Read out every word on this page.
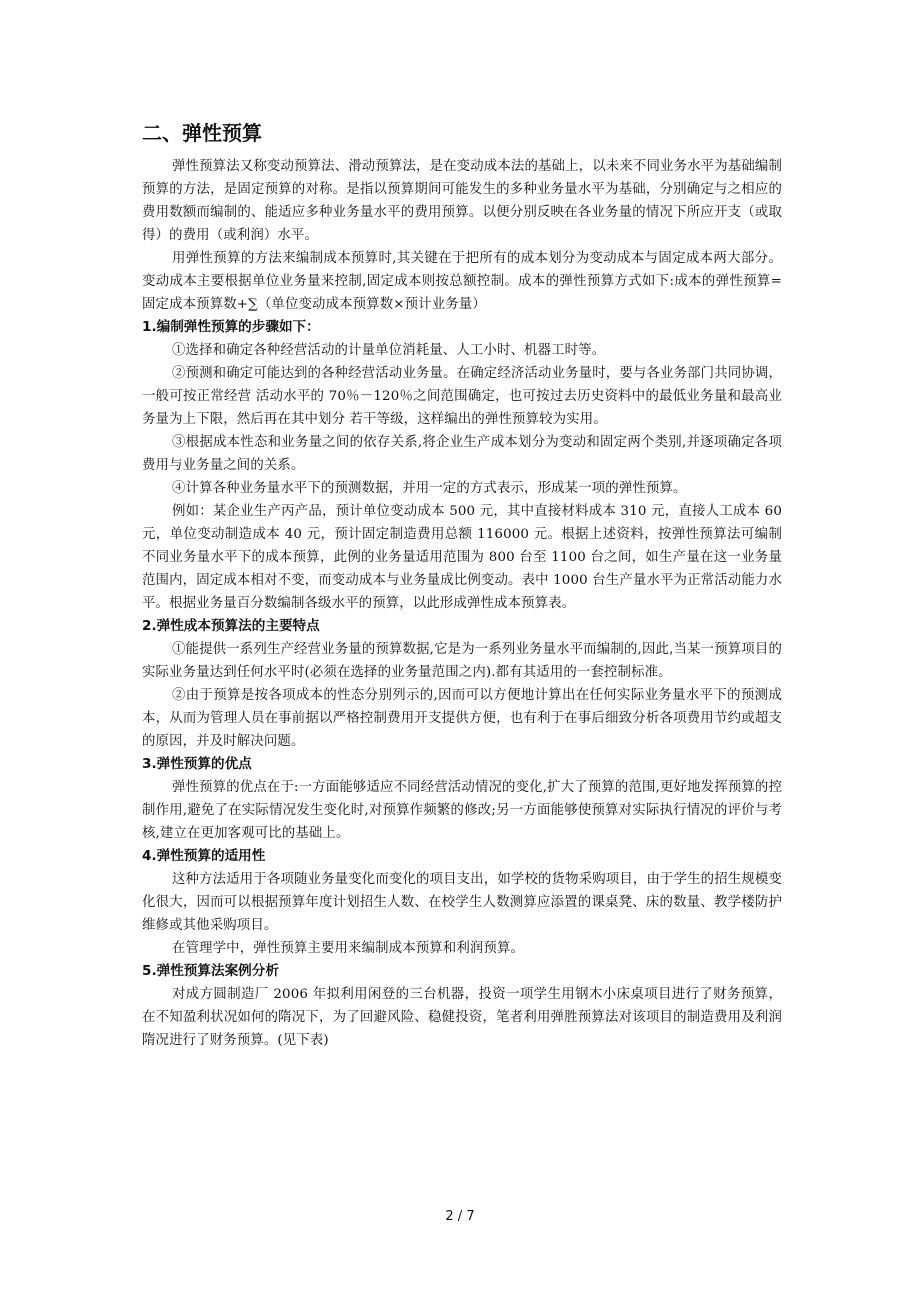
二、弹性预算

弹性预算法又称变动预算法、滑动预算法，是在变动成本法的基础上，以未来不同业务水平为基础编制预算的方法，是固定预算的对称。是指以预算期间可能发生的多种业务量水平为基础，分别确定与之相应的费用数额而编制的、能适应多种业务量水平的费用预算。以便分别反映在各业务量的情况下所应开支（或取得）的费用（或利润）水平。

用弹性预算的方法来编制成本预算时,其关键在于把所有的成本划分为变动成本与固定成本两大部分。变动成本主要根据单位业务量来控制,固定成本则按总额控制。成本的弹性预算方式如下:成本的弹性预算=固定成本预算数+∑（单位变动成本预算数×预计业务量）

1.编制弹性预算的步骤如下：

①选择和确定各种经营活动的计量单位消耗量、人工小时、机器工时等。

②预测和确定可能达到的各种经营活动业务量。在确定经济活动业务量时，要与各业务部门共同协调，一般可按正常经营 活动水平的 70％－120％之间范围确定，也可按过去历史资料中的最低业务量和最高业务量为上下限，然后再在其中划分 若干等级，这样编出的弹性预算较为实用。

③根据成本性态和业务量之间的依存关系,将企业生产成本划分为变动和固定两个类别,并逐项确定各项费用与业务量之间的关系。

④计算各种业务量水平下的预测数据，并用一定的方式表示，形成某一项的弹性预算。

例如：某企业生产丙产品，预计单位变动成本 500 元，其中直接材料成本 310 元，直接人工成本 60 元，单位变动制造成本 40 元，预计固定制造费用总额 116000 元。根据上述资料，按弹性预算法可编制不同业务量水平下的成本预算，此例的业务量适用范围为 800 台至 1100 台之间，如生产量在这一业务量范围内，固定成本相对不变，而变动成本与业务量成比例变动。表中 1000 台生产量水平为正常活动能力水平。根据业务量百分数编制各级水平的预算，以此形成弹性成本预算表。

2.弹性成本预算法的主要特点

①能提供一系列生产经营业务量的预算数据,它是为一系列业务量水平而编制的,因此,当某一预算项目的实际业务量达到任何水平时(必须在选择的业务量范围之内).都有其适用的一套控制标准。

②由于预算是按各项成本的性态分别列示的,因而可以方便地计算出在任何实际业务量水平下的预测成本，从而为管理人员在事前据以严格控制费用开支提供方便，也有利于在事后细致分析各项费用节约或超支的原因，并及时解决问题。

3.弹性预算的优点

弹性预算的优点在于:一方面能够适应不同经营活动情况的变化,扩大了预算的范围,更好地发挥预算的控制作用,避免了在实际情况发生变化时,对预算作频繁的修改;另一方面能够使预算对实际执行情况的评价与考核,建立在更加客观可比的基础上。

4.弹性预算的适用性

这种方法适用于各项随业务量变化而变化的项目支出，如学校的货物采购项目，由于学生的招生规模变化很大，因而可以根据预算年度计划招生人数、在校学生人数测算应添置的课桌凳、床的数量、教学楼防护维修或其他采购项目。

在管理学中，弹性预算主要用来编制成本预算和利润预算。

5.弹性预算法案例分析

对成方圆制造厂 2006 年拟利用闲登的三台机器，投资一项学生用钢木小床桌项目进行了财务预算，在不知盈利状况如何的隋况下，为了回避风险、稳健投资，笔者利用弹胜预算法对该项目的制造费用及利润隋况进行了财务预算。(见下表)

2 / 7
